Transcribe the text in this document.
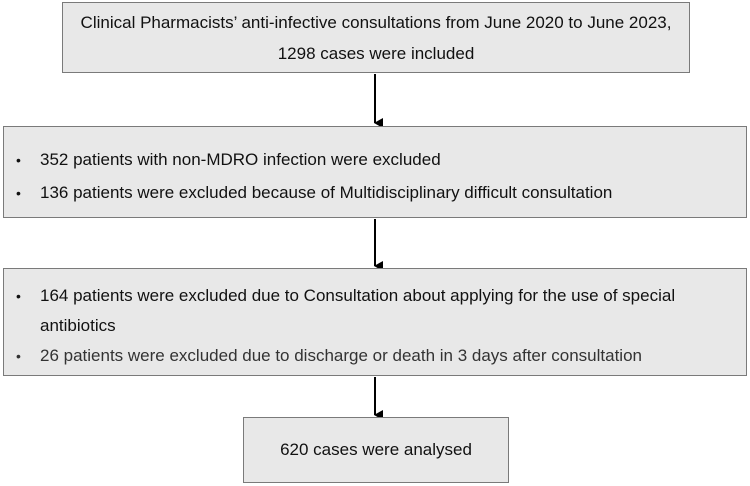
Clinical Pharmacists’ anti-infective consultations from June 2020 to June 2023, 1298 cases were included
• 352 patients with non-MDRO infection were excluded
• 136 patients were excluded because of Multidisciplinary difficult consultation
• 164 patients were excluded due to Consultation about applying for the use of special antibiotics
• 26 patients were excluded due to discharge or death in 3 days after consultation
620
cases were analysed
